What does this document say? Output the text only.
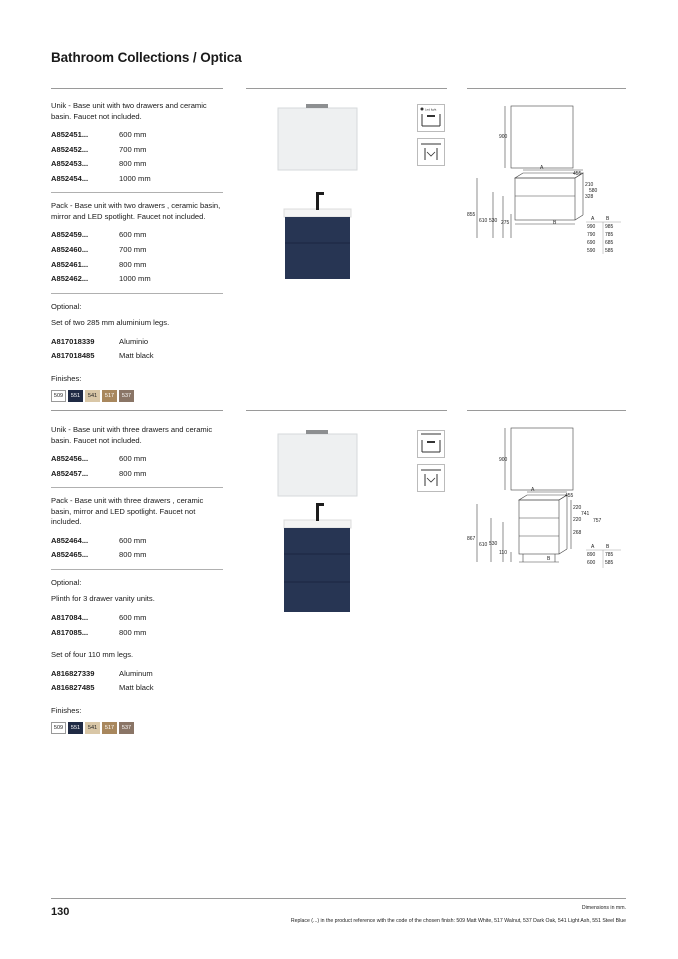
Bathroom Collections / Optica

Unik - Base unit with two drawers and ceramic basin. Faucet not included.

A852451...	600 mm
A852452...	700 mm
A852453...	800 mm
A852454...	1000 mm

Pack - Base unit with two drawers , ceramic basin, mirror and LED spotlight. Faucet not included.

A852459...	600 mm
A852460...	700 mm
A852461...	800 mm
A852462...	1000 mm

Optional:

Set of two 285 mm aluminium legs.

A817018339	Aluminio
A817018485	Matt black

Finishes:

509	551	541	517	537
Led light
900
A
455
210
580
328
855
610 530 275	B
A B
990 985
790 785
690 685
590 585

Unik - Base unit with three drawers and ceramic basin. Faucet not included.

A852456...	600 mm
A852457...	800 mm

Pack - Base unit with three drawers , ceramic basin, mirror and LED spotlight. Faucet not included.

A852464...	600 mm
A852465...	800 mm

Optional:

Plinth for 3 drawer vanity units.

A817084...	600 mm
A817085...	800 mm

Set of four 110 mm legs.

A816827339	Aluminum
A816827485	Matt black

Finishes:

509	551	541	517	537
900
A
455
220
741
220 757
268
867
610 530
110
B
A B
890 785
600 585
130	Dimensions in mm.
Replace (...) in the product reference with the code of the chosen finish: 509 Matt White, 517 Walnut, 537 Dark Oak, 541 Light Ash, 551 Steel Blue
